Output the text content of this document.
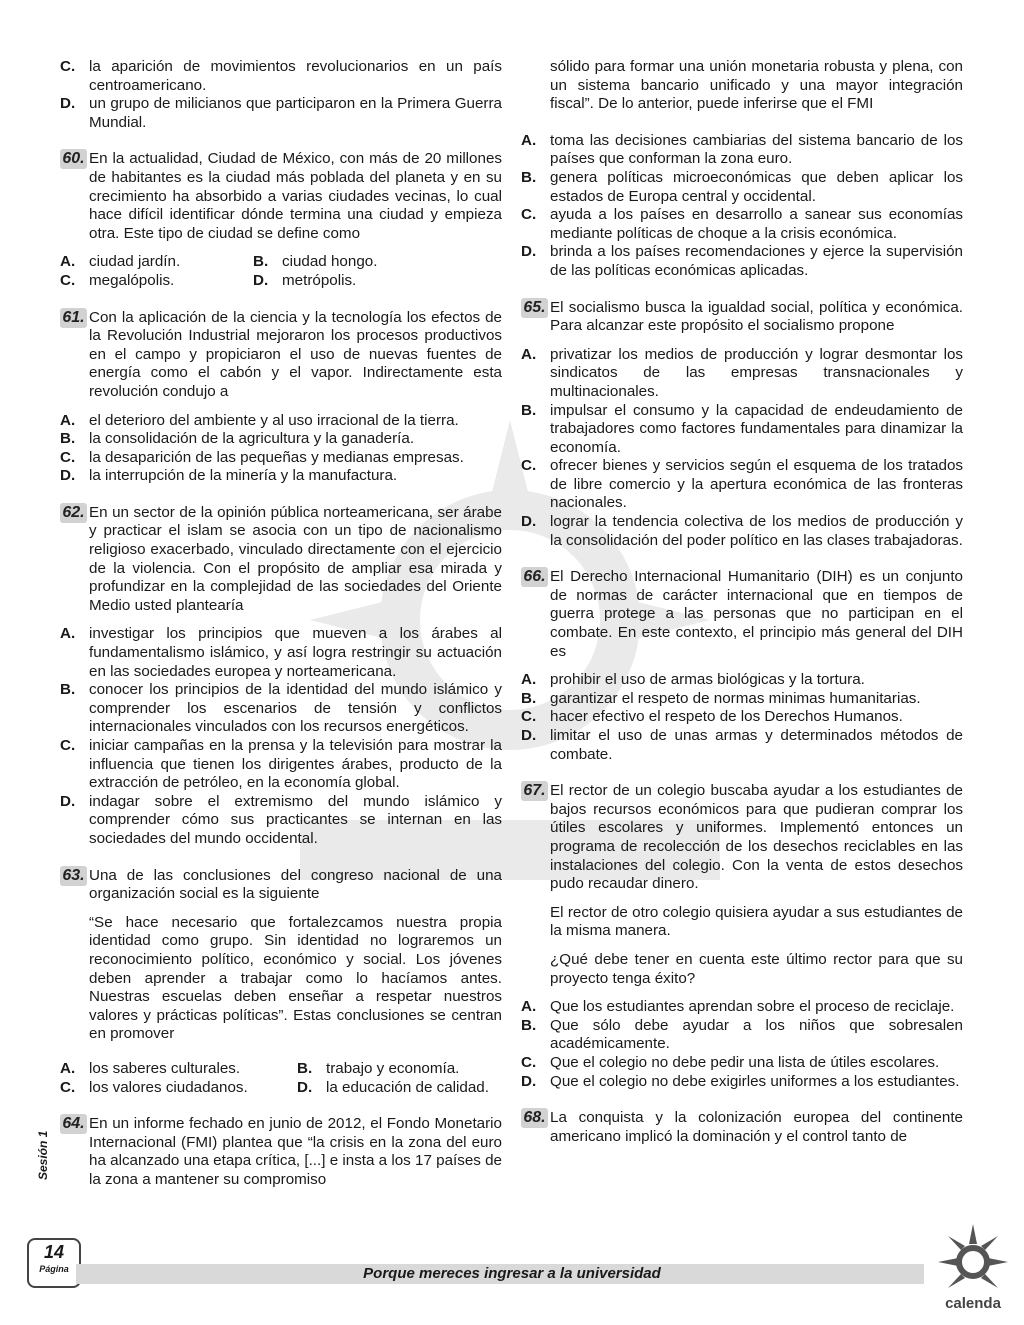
C. la aparición de movimientos revolucionarios en un país centroamericano.
D. un grupo de milicianos que participaron en la Primera Guerra Mundial.
60. En la actualidad, Ciudad de México, con más de 20 millones de habitantes es la ciudad más poblada del planeta y en su crecimiento ha absorbido a varias ciudades vecinas, lo cual hace difícil identificar dónde termina una ciudad y empieza otra. Este tipo de ciudad se define como
A. ciudad jardín.	B. ciudad hongo.
C. megalópolis.	D. metrópolis.
61. Con la aplicación de la ciencia y la tecnología los efectos de la Revolución Industrial mejoraron los procesos productivos en el campo y propiciaron el uso de nuevas fuentes de energía como el cabón y el vapor. Indirectamente esta revolución condujo a
A. el deterioro del ambiente y al uso irracional de la tierra.
B. la consolidación de la agricultura y la ganadería.
C. la desaparición de las pequeñas y medianas empresas.
D. la interrupción de la minería y la manufactura.
62. En un sector de la opinión pública norteamericana, ser árabe y practicar el islam se asocia con un tipo de nacionalismo religioso exacerbado, vinculado directamente con el ejercicio de la violencia. Con el propósito de ampliar esa mirada y profundizar en la complejidad de las sociedades del Oriente Medio usted plantearía
A. investigar los principios que mueven a los árabes al fundamentalismo islámico, y así logra restringir su actuación en las sociedades europea y norteamericana.
B. conocer los principios de la identidad del mundo islámico y comprender los escenarios de tensión y conflictos internacionales vinculados con los recursos energéticos.
C. iniciar campañas en la prensa y la televisión para mostrar la influencia que tienen los dirigentes árabes, producto de la extracción de petróleo, en la economía global.
D. indagar sobre el extremismo del mundo islámico y comprender cómo sus practicantes se internan en las sociedades del mundo occidental.
63. Una de las conclusiones del congreso nacional de una organización social es la siguiente
“Se hace necesario que fortalezcamos nuestra propia identidad como grupo. Sin identidad no lograremos un reconocimiento político, económico y social. Los jóvenes deben aprender a trabajar como lo hacíamos antes. Nuestras escuelas deben enseñar a respetar nuestros valores y prácticas políticas”. Estas conclusiones se centran en promover
A. los saberes culturales.	B. trabajo y economía.
C. los valores ciudadanos.	D. la educación de calidad.
64. En un informe fechado en junio de 2012, el Fondo Monetario Internacional (FMI) plantea que “la crisis en la zona del euro ha alcanzado una etapa crítica, [...] e insta a los 17 países de la zona a mantener su compromiso
sólido para formar una unión monetaria robusta y plena, con un sistema bancario unificado y una mayor integración fiscal”. De lo anterior, puede inferirse que el FMI
A. toma las decisiones cambiarias del sistema bancario de los países que conforman la zona euro.
B. genera políticas microeconómicas que deben aplicar los estados de Europa central y occidental.
C. ayuda a los países en desarrollo a sanear sus economías mediante políticas de choque a la crisis económica.
D. brinda a los países recomendaciones y ejerce la supervisión de las políticas económicas aplicadas.
65. El socialismo busca la igualdad social, política y económica. Para alcanzar este propósito el socialismo propone
A. privatizar los medios de producción y lograr desmontar los sindicatos de las empresas transnacionales y multinacionales.
B. impulsar el consumo y la capacidad de endeudamiento de trabajadores como factores fundamentales para dinamizar la economía.
C. ofrecer bienes y servicios según el esquema de los tratados de libre comercio y la apertura económica de las fronteras nacionales.
D. lograr la tendencia colectiva de los medios de producción y la consolidación del poder político en las clases trabajadoras.
66. El Derecho Internacional Humanitario (DIH) es un conjunto de normas de carácter internacional que en tiempos de guerra protege a las personas que no participan en el combate. En este contexto, el principio más general del DIH es
A. prohibir el uso de armas biológicas y la tortura.
B. garantizar el respeto de normas minimas humanitarias.
C. hacer efectivo el respeto de los Derechos Humanos.
D. limitar el uso de unas armas y determinados métodos de combate.
67. El rector de un colegio buscaba ayudar a los estudiantes de bajos recursos económicos para que pudieran comprar los útiles escolares y uniformes. Implementó entonces un programa de recolección de los desechos reciclables en las instalaciones del colegio. Con la venta de estos desechos pudo recaudar dinero.
El rector de otro colegio quisiera ayudar a sus estudiantes de la misma manera.
¿Qué debe tener en cuenta este último rector para que su proyecto tenga éxito?
A. Que los estudiantes aprendan sobre el proceso de reciclaje.
B. Que sólo debe ayudar a los niños que sobresalen académicamente.
C. Que el colegio no debe pedir una lista de útiles escolares.
D. Que el colegio no debe exigirles uniformes a los estudiantes.
68. La conquista y la colonización europea del continente americano implicó la dominación y el control tanto de
Sesión 1
14
Página	Porque mereces ingresar a la universidad
calenda
